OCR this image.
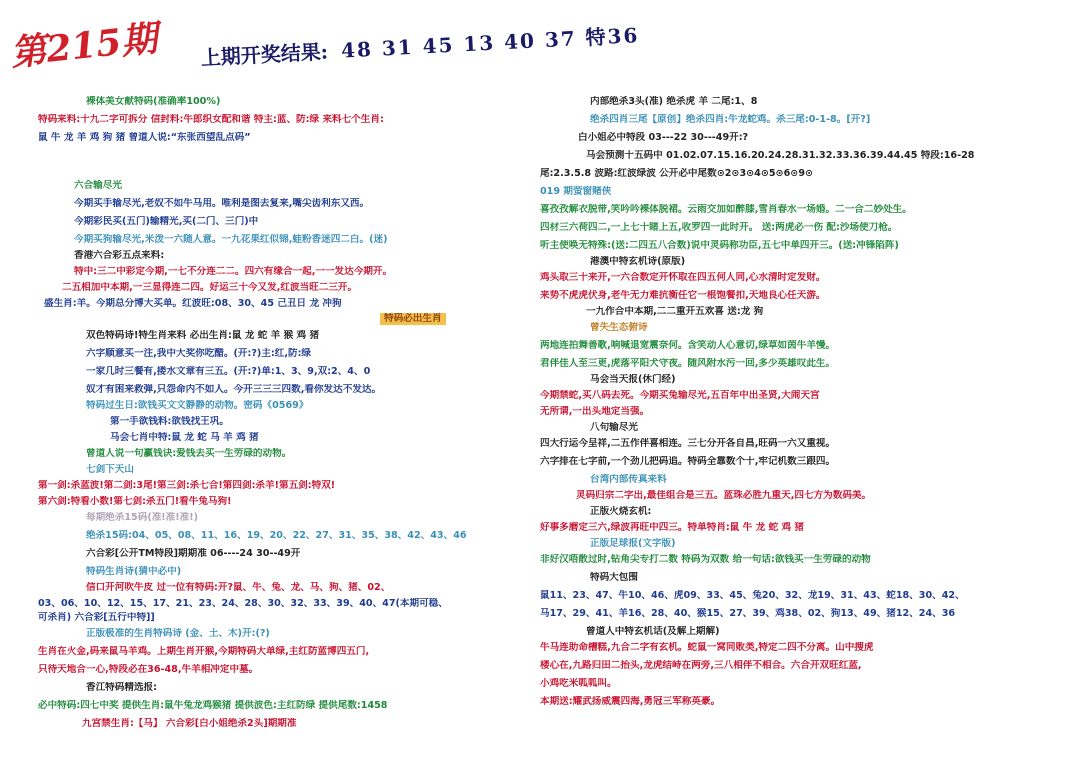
第215期 上期开奖结果: 48 31 45 13 40 37 特36
裸体美女献特码(准确率100%)
特码来料:十九二字可拆分 信封料:牛郎织女配和谐 特主:蓝、防:绿 来料七个生肖:
鼠 牛 龙 羊 鸡 狗 猪 曾道人说:“东张西望乱点码”
六合输尽光
今期买手输尽光,老奴不如牛马用。唯利是图去复来,嘴尖齿利东又西。
今期彩民买(五门)输精光,买(二门、三门)中
今期买狗输尽光,米泼一六随人意。一九花果红似锦,蛙粉香迷四二白。(迷)
香港六合彩五点来料:
特中:三二中彩定今期,一七不分连二二。四六有缘合一起,一一发达今期开。
二五相加中本期,一三显得连二四。好运三十今又发,红波当旺二三开。
盛生肖:羊。今期总分博大买单。红波旺:08、30、45 己丑日 龙 冲狗
特码必出生肖
双色特码诗!特生肖来料 必出生肖:鼠 龙 蛇 羊 猴 鸡 猪
六字顺意买一注,我中大奖你吃醋。(开:?)主:红,防:绿
一家几时三餐有,搂水文章有三五。(开:?)单:1、3、9,双:2、4、0
奴才有困来救弹,只怨命内不如人。今开三三三四数,看你发达不发达。
特码过生日:欲钱买文文静静的动物。密码《0569》
第一手欲钱料:欲钱找王巩。
马会七肖中特:鼠 龙 蛇 马 羊 鸡 猪
曾道人说一句赢钱诀:爱钱去买一生劳碌的动物。
七剑下天山
第一剑:杀蓝波!第二剑:3尾!第三剑:杀七合!第四剑:杀羊!第五剑:特双!
第六剑:特看小数!第七剑:杀五门!看牛兔马狗!
每期绝杀15码(准!准!准!)
绝杀15码:04、05、08、11、16、19、20、22、27、31、35、38、42、43、46
六合彩[公开TM特段]期期准 06----24 30--49开
特码生肖诗(猜中必中)
信口开河吹牛皮 过一位有特码:开?鼠、牛、兔、龙、马、狗、猪、02、
03、06、10、12、15、17、21、23、24、28、30、32、33、39、40、47(本期可稳、
可杀肖) 六合彩[五行中特]]
正版极准的生肖特码诗 (金、土、木)开:(?)
生肖在火金,码来鼠马羊鸡。上期生肖开猴,今期特码大单绿,主红防蓝博四五门,
只待天地合一心,特段必在36-48,牛羊相冲定中墓。
香江特码精选报:
必中特码:四七中奖 提供生肖:鼠牛兔龙鸡猴猪 提供波色:主红防绿 提供尾数:1458
九宫禁生肖:【马】 六合彩[白小姐绝杀2头]期期准
内部绝杀3头(准) 绝杀虎 羊 二尾:1、8
绝杀四肖三尾【原创】绝杀四肖:牛龙蛇鸡。杀三尾:0-1-8。[开?]
白小姐必中特段 03---22 30---49开:?
马会预测十五码中 01.02.07.15.16.20.24.28.31.32.33.36.39.44.45 特段:16-28
尾:2.3.5.8 波路:红波绿波 公开必中尾数⊙2⊙3⊙4⊙5⊙6⊙9⊙
019 期萤窗赌侠
喜孜孜解衣脱带,笑吟吟裸体脱裙。云雨交加如醉膝,雪肖春水一场婚。二一合二妙处生。
四材三六荷四二,一上七十睹上五,收罗四一此时开。 送:两虎必一伤 配:沙场使刀枪。
听主使唤无特殊:(送:二四五八合数)说中灵码称功臣,五七中单四开三。(送:冲锋陷阵)
港澳中特玄机诗(原版)
鸡头取三十来开,一六合数定开怀取在四五何人同,心水清时定发财。
来势不虎虎伏身,老牛无力难抗衡任它一根饱餐扣,天地良心任天游。
一九作合中本期,二二重开五欢喜 送:龙 狗
曾失生态俯诗
两地连拍舞善歌,响喊退宽震奈何。含笑动人心意切,绿草如茵牛羊慢。
君伴佳人至三更,虎落平阳犬守夜。随风附水污一回,多少英雄叹此生。
马会当天报(休门经)
今期禁蛇,买八码去死。今期买兔输尽光,五百年中出圣贤,大闹天宫
无所谓,一出头地定当强。
八句输尽光
四大行运今呈祥,二五作伴喜相连。三七分开各自昌,旺码一六又重视。
六字排在七字前,一个劲儿把码追。特码全靠数个十,牢记机数三跟四。
台湾内部传真来料
灵码归宗二字出,最佳组合是三五。蓝珠必胜九重天,四七方为数码美。
正版火烧玄机:
好事多磨定三六,绿波再旺中四三。特单特肖:鼠 牛 龙 蛇 鸡 猪
正版足球报(文字版)
非好汉唔散过时,钻角尖专打二数 特码为双数 给一句话:欲钱买一生劳碌的动物
特码大包围
鼠11、23、47、牛10、46、虎09、33、45、兔20、32、龙19、31、43、蛇18、30、42、
马17、29、41、羊16、28、40、猴15、27、39、鸡38、02、狗13、49、猪12、24、36
曾道人中特玄机话(及解上期解)
牛马连助命槽糕,九合二字有玄机。蛇鼠一窝同败类,特定二四不分离。山中搜虎
楼心在,九路归田二抬头,龙虎结峙在两旁,三八相伴不相合。六合开双旺红蓝,
小鸡吃米呱呱叫。
本期送:耀武扬威震四海,勇冠三军称英豪。
